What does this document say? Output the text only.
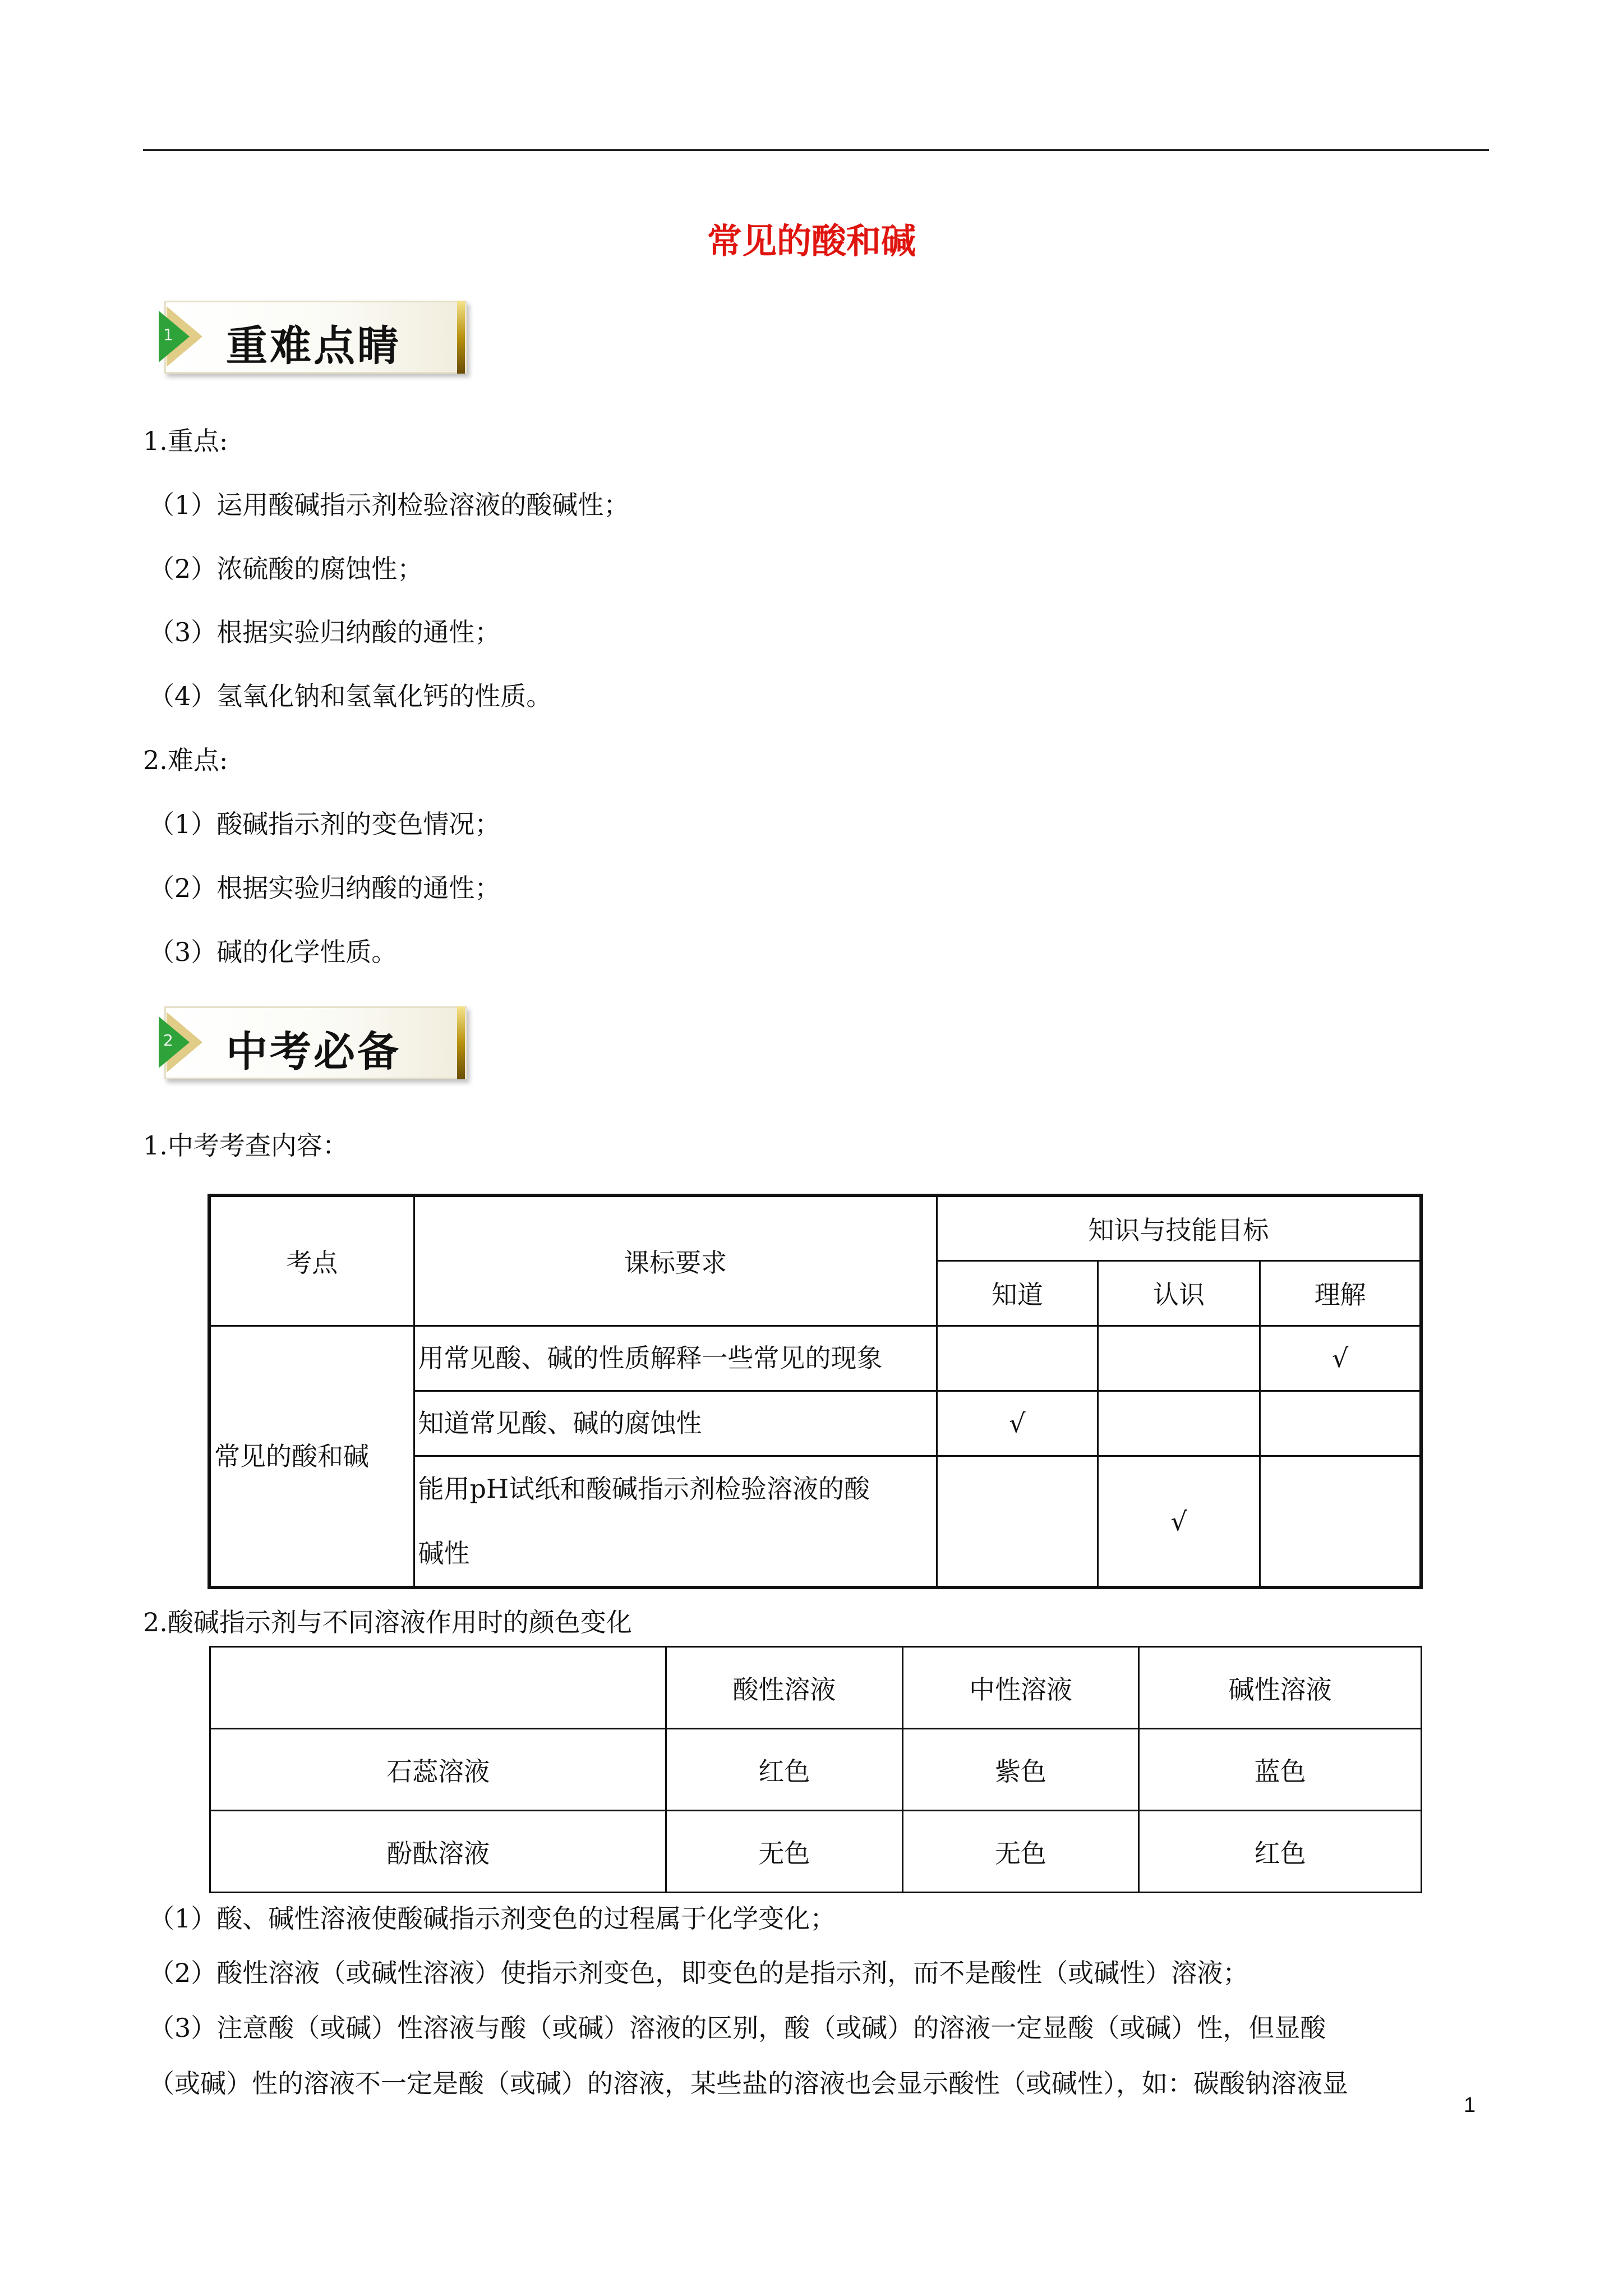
常见的酸和碱
1 重难点睛
1.重点:
（1）运用酸碱指示剂检验溶液的酸碱性；
（2）浓硫酸的腐蚀性；
（3）根据实验归纳酸的通性；
（4）氢氧化钠和氢氧化钙的性质。
2.难点:
（1）酸碱指示剂的变色情况；
（2）根据实验归纳酸的通性；
（3）碱的化学性质。
2 中考必备
1.中考考查内容：
考点	课标要求	知识与技能目标		
		知道	认识	理解
常见的酸和碱	用常见酸、碱的性质解释一些常见的现象			√
	知道常见酸、碱的腐蚀性	√		
	能用pH试纸和酸碱指示剂检验溶液的酸
碱性		√	
2.酸碱指示剂与不同溶液作用时的颜色变化
	酸性溶液	中性溶液	碱性溶液
石蕊溶液	红色	紫色	蓝色
酚酞溶液	无色	无色	红色
（1）酸、碱性溶液使酸碱指示剂变色的过程属于化学变化；
（2）酸性溶液（或碱性溶液）使指示剂变色，即变色的是指示剂，而不是酸性（或碱性）溶液；
（3）注意酸（或碱）性溶液与酸（或碱）溶液的区别，酸（或碱）的溶液一定显酸（或碱）性，但显酸
（或碱）性的溶液不一定是酸（或碱）的溶液，某些盐的溶液也会显示酸性（或碱性），如：碳酸钠溶液显
1
